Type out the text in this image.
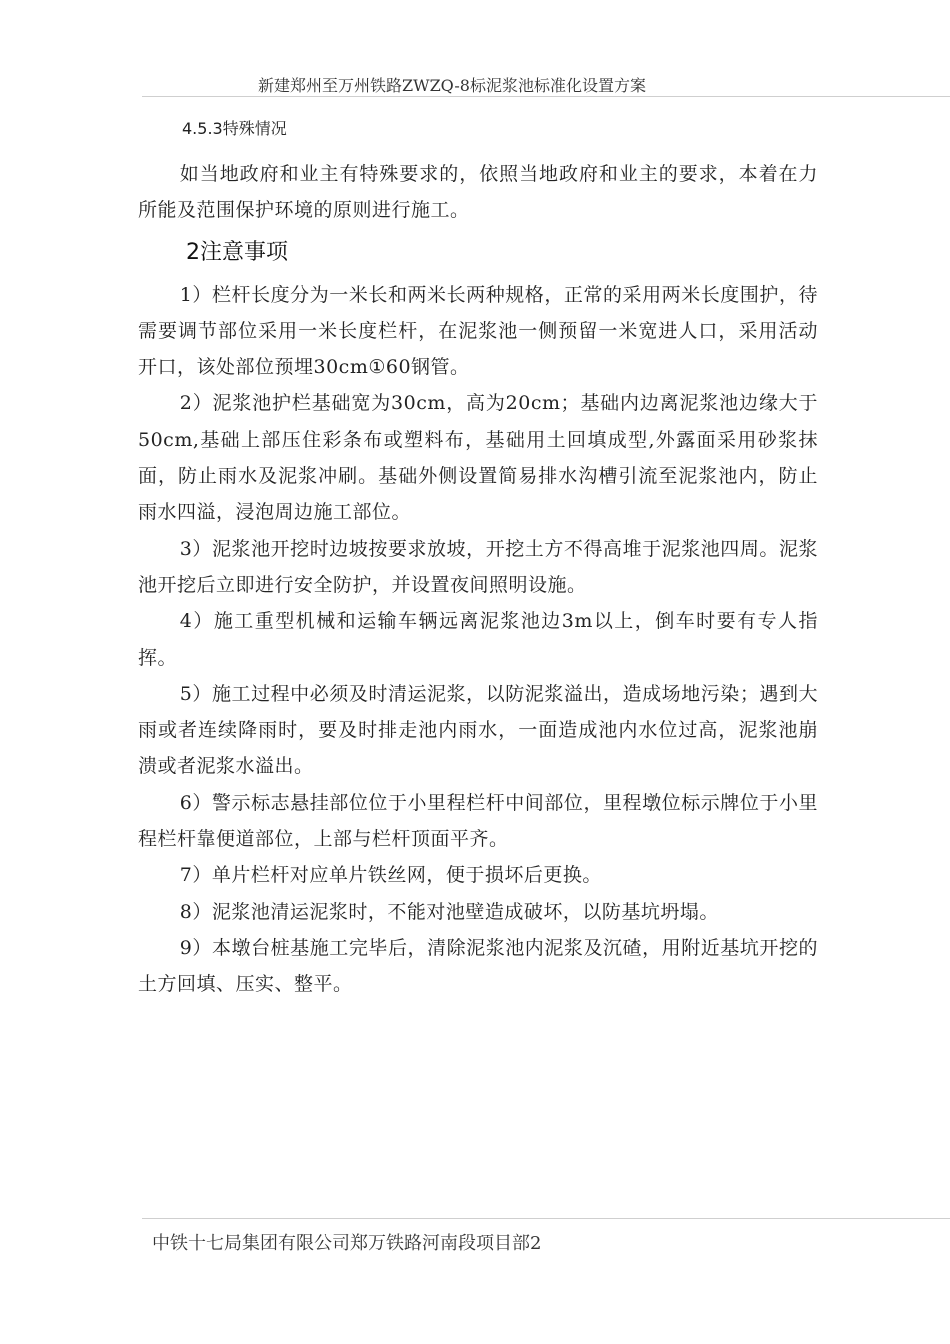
新建郑州至万州铁路ZWZQ-8标泥浆池标准化设置方案
4.5.3特殊情况

如当地政府和业主有特殊要求的，依照当地政府和业主的要求，本着在力所能及范围保护环境的原则进行施工。

2注意事项

1）栏杆长度分为一米长和两米长两种规格，正常的采用两米长度围护，待需要调节部位采用一米长度栏杆，在泥浆池一侧预留一米宽进人口，采用活动开口，该处部位预埋30cm①60钢管。

2）泥浆池护栏基础宽为30cm，高为20cm；基础内边离泥浆池边缘大于50cm,基础上部压住彩条布或塑料布，基础用土回填成型,外露面采用砂浆抹面，防止雨水及泥浆冲刷。基础外侧设置简易排水沟槽引流至泥浆池内，防止雨水四溢，浸泡周边施工部位。

3）泥浆池开挖时边坡按要求放坡，开挖土方不得高堆于泥浆池四周。泥浆池开挖后立即进行安全防护，并设置夜间照明设施。

4）施工重型机械和运输车辆远离泥浆池边3m以上，倒车时要有专人指挥。

5）施工过程中必须及时清运泥浆，以防泥浆溢出，造成场地污染；遇到大雨或者连续降雨时，要及时排走池内雨水，一面造成池内水位过高，泥浆池崩溃或者泥浆水溢出。

6）警示标志悬挂部位位于小里程栏杆中间部位，里程墩位标示牌位于小里程栏杆靠便道部位，上部与栏杆顶面平齐。

7）单片栏杆对应单片铁丝网，便于损坏后更换。

8）泥浆池清运泥浆时，不能对池壁造成破坏，以防基坑坍塌。

9）本墩台桩基施工完毕后，清除泥浆池内泥浆及沉碴，用附近基坑开挖的土方回填、压实、整平。

中铁十七局集团有限公司郑万铁路河南段项目部2
